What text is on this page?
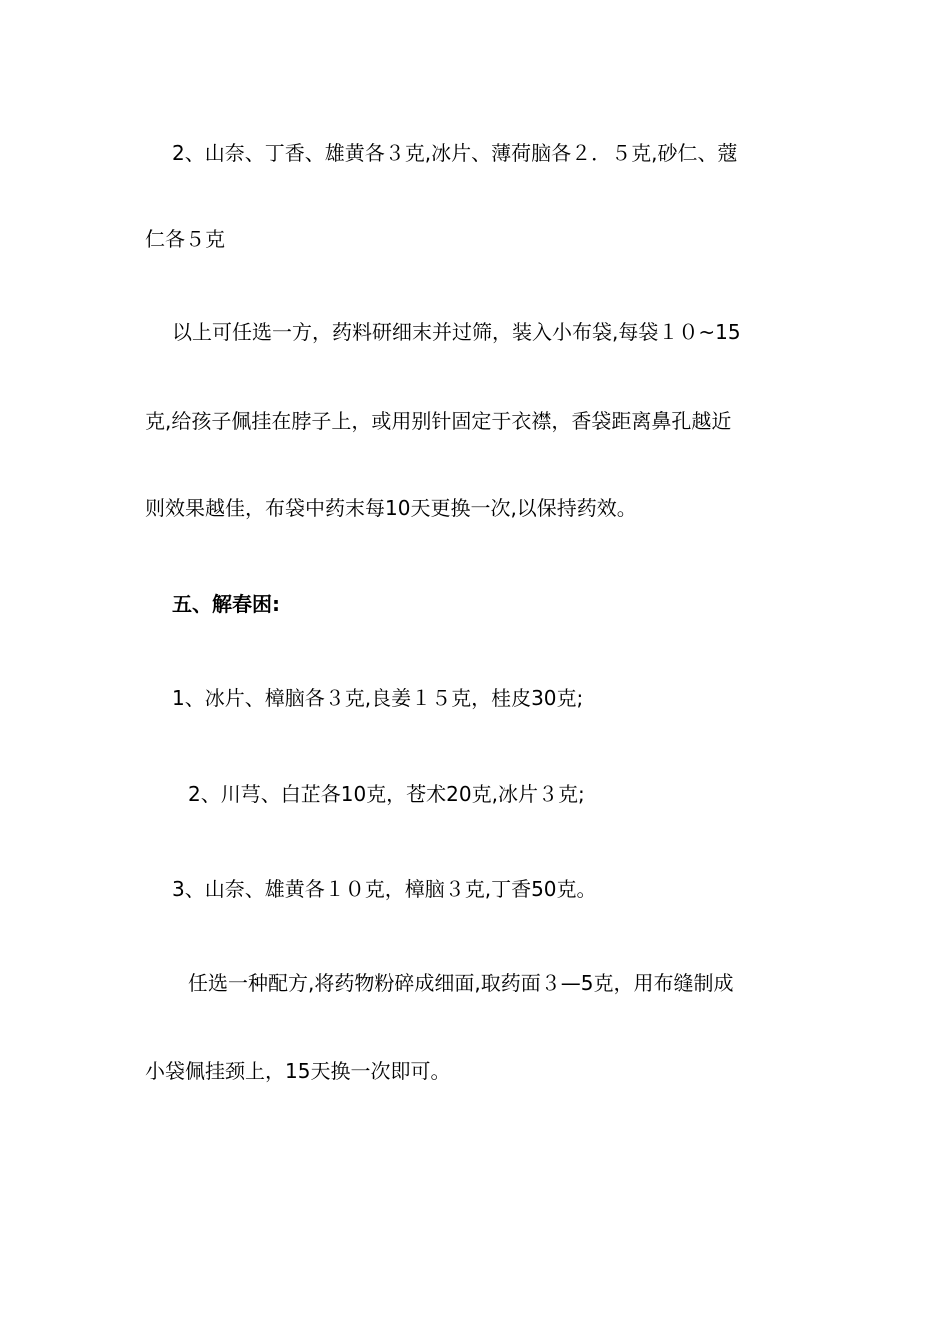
2、山奈、丁香、雄黄各３克,冰片、薄荷脑各２．５克,砂仁、蔻
仁各５克
以上可任选一方，药料研细末并过筛，装入小布袋,每袋１０~15
克,给孩子佩挂在脖子上，或用别针固定于衣襟，香袋距离鼻孔越近
则效果越佳，布袋中药末每10天更换一次,以保持药效。
五、解春困:
1、冰片、樟脑各３克,良姜１５克，桂皮30克;
2、川芎、白芷各10克，苍术20克,冰片３克;
3、山奈、雄黄各１０克，樟脑３克,丁香50克。
任选一种配方,将药物粉碎成细面,取药面３—5克，用布缝制成
小袋佩挂颈上，15天换一次即可。
